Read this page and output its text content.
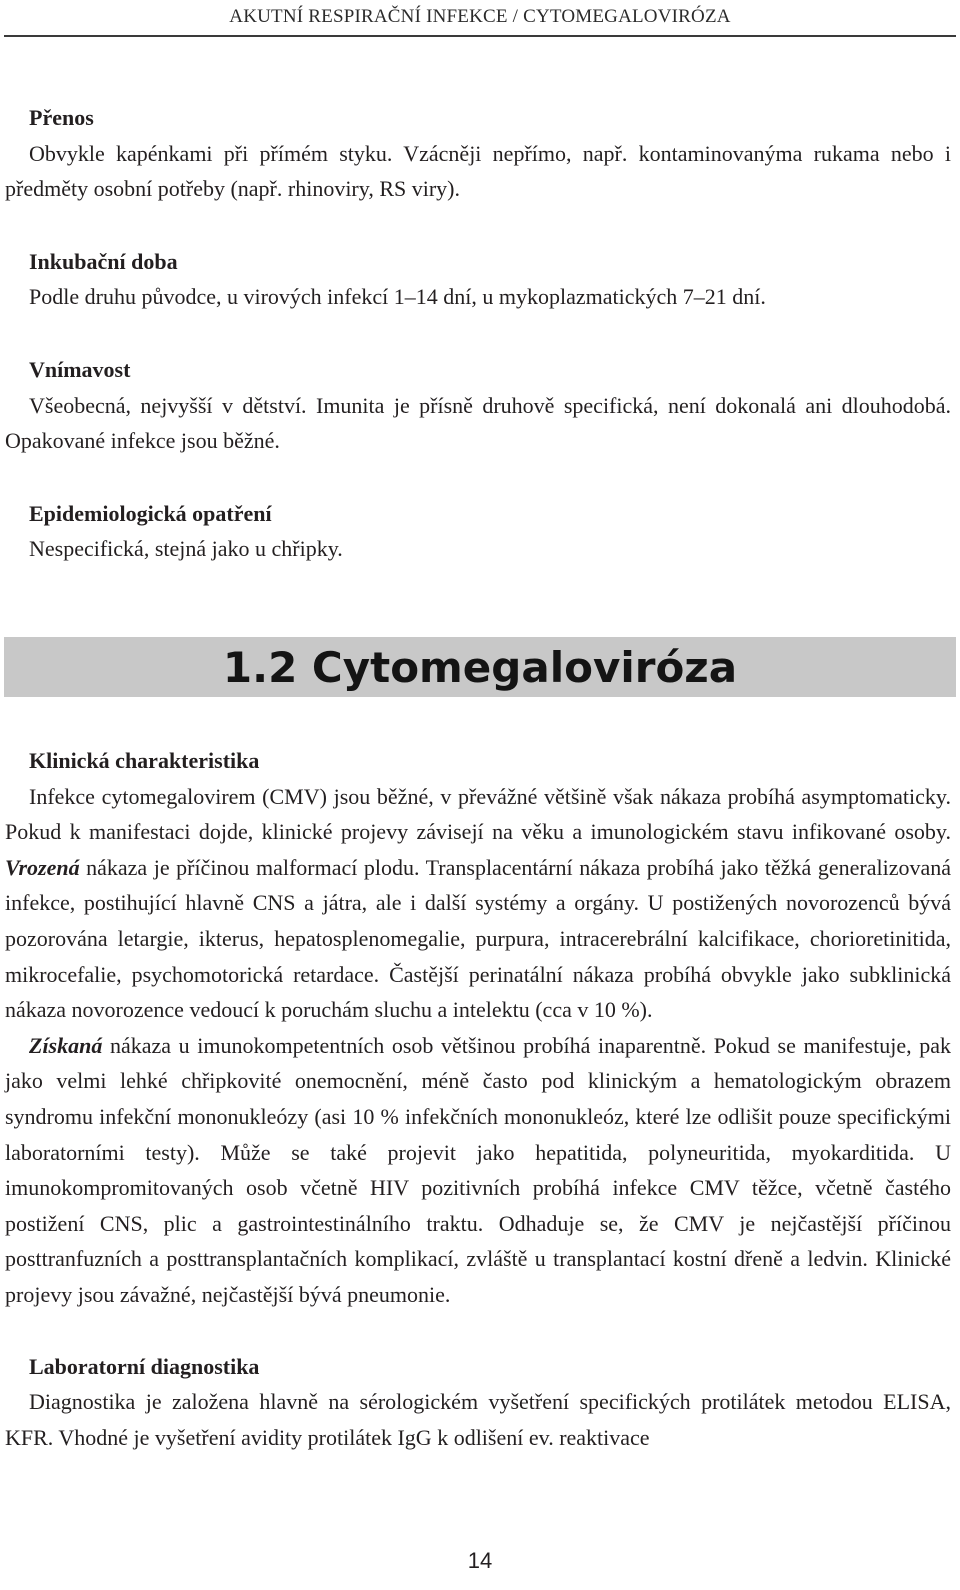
AKUTNÍ RESPIRAČNÍ INFEKCE / CYTOMEGALOVIRÓZA

Přenos

Obvykle kapénkami při přímém styku. Vzácněji nepřímo, např. kontaminovanýma rukama nebo i předměty osobní potřeby (např. rhinoviry, RS viry).

Inkubační doba

Podle druhu původce, u virových infekcí 1–14 dní, u mykoplazmatických 7–21 dní.

Vnímavost

Všeobecná, nejvyšší v dětství. Imunita je přísně druhově specifická, není dokonalá ani dlouhodobá. Opakované infekce jsou běžné.

Epidemiologická opatření

Nespecifická, stejná jako u chřipky.

1.2 Cytomegaloviróza

Klinická charakteristika

Infekce cytomegalovirem (CMV) jsou běžné, v převážné většině však nákaza probíhá asymptomaticky. Pokud k manifestaci dojde, klinické projevy závisejí na věku a imunologickém stavu infikované osoby. Vrozená nákaza je příčinou malformací plodu. Transplacentární nákaza probíhá jako těžká generalizovaná infekce, postihující hlavně CNS a játra, ale i další systémy a orgány. U postižených novorozenců bývá pozorována letargie, ikterus, hepatosplenomegalie, purpura, intracerebrální kalcifikace, chorioretinitida, mikrocefalie, psychomotorická retardace. Častější perinatální nákaza probíhá obvykle jako subklinická nákaza novorozence vedoucí k poruchám sluchu a intelektu (cca v 10 %).

Získaná nákaza u imunokompetentních osob většinou probíhá inaparentně. Pokud se manifestuje, pak jako velmi lehké chřipkovité onemocnění, méně často pod klinickým a hematologickým obrazem syndromu infekční mononukleózy (asi 10 % infekčních mononukleóz, které lze odlišit pouze specifickými laboratorními testy). Může se také projevit jako hepatitida, polyneuritida, myokarditida. U imunokompromitovaných osob včetně HIV pozitivních probíhá infekce CMV těžce, včetně častého postižení CNS, plic a gastrointestinálního traktu. Odhaduje se, že CMV je nejčastější příčinou posttranfuzních a posttransplantačních komplikací, zvláště u transplantací kostní dřeně a ledvin. Klinické projevy jsou závažné, nejčastější bývá pneumonie.

Laboratorní diagnostika

Diagnostika je založena hlavně na sérologickém vyšetření specifických protilátek metodou ELISA, KFR. Vhodné je vyšetření avidity protilátek IgG k odlišení ev. reaktivace

14
